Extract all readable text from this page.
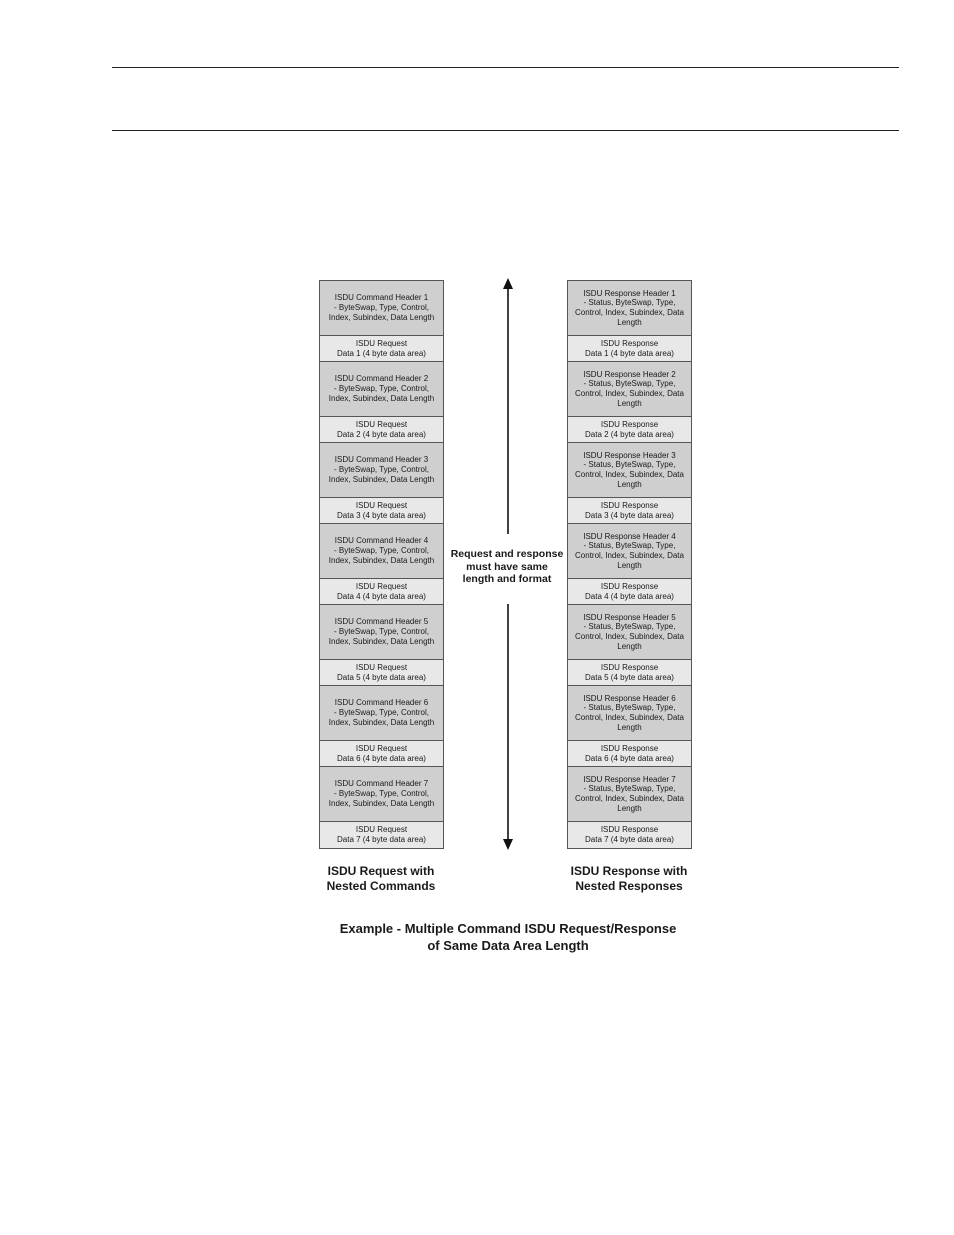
ISDU Command Header 1
- ByteSwap, Type, Control,
Index, Subindex, Data Length
ISDU Request
Data 1 (4 byte data area)
ISDU Command Header 2
- ByteSwap, Type, Control,
Index, Subindex, Data Length
ISDU Request
Data 2 (4 byte data area)
ISDU Command Header 3
- ByteSwap, Type, Control,
Index, Subindex, Data Length
ISDU Request
Data 3 (4 byte data area)
ISDU Command Header 4
- ByteSwap, Type, Control,
Index, Subindex, Data Length
ISDU Request
Data 4 (4 byte data area)
ISDU Command Header 5
- ByteSwap, Type, Control,
Index, Subindex, Data Length
ISDU Request
Data 5 (4 byte data area)
ISDU Command Header 6
- ByteSwap, Type, Control,
Index, Subindex, Data Length
ISDU Request
Data 6 (4 byte data area)
ISDU Command Header 7
- ByteSwap, Type, Control,
Index, Subindex, Data Length
ISDU Request
Data 7 (4 byte data area)
ISDU Response Header 1
- Status, ByteSwap, Type,
Control, Index, Subindex, Data
Length
ISDU Response
Data 1 (4 byte data area)
ISDU Response Header 2
- Status, ByteSwap, Type,
Control, Index, Subindex, Data
Length
ISDU Response
Data 2 (4 byte data area)
ISDU Response Header 3
- Status, ByteSwap, Type,
Control, Index, Subindex, Data
Length
ISDU Response
Data 3 (4 byte data area)
ISDU Response Header 4
- Status, ByteSwap, Type,
Control, Index, Subindex, Data
Length
ISDU Response
Data 4 (4 byte data area)
ISDU Response Header 5
- Status, ByteSwap, Type,
Control, Index, Subindex, Data
Length
ISDU Response
Data 5 (4 byte data area)
ISDU Response Header 6
- Status, ByteSwap, Type,
Control, Index, Subindex, Data
Length
ISDU Response
Data 6 (4 byte data area)
ISDU Response Header 7
- Status, ByteSwap, Type,
Control, Index, Subindex, Data
Length
ISDU Response
Data 7 (4 byte data area)
Request and response
must have same
length and format
ISDU Request with
Nested Commands
ISDU Response with
Nested Responses
Example - Multiple Command ISDU Request/Response
of Same Data Area Length
